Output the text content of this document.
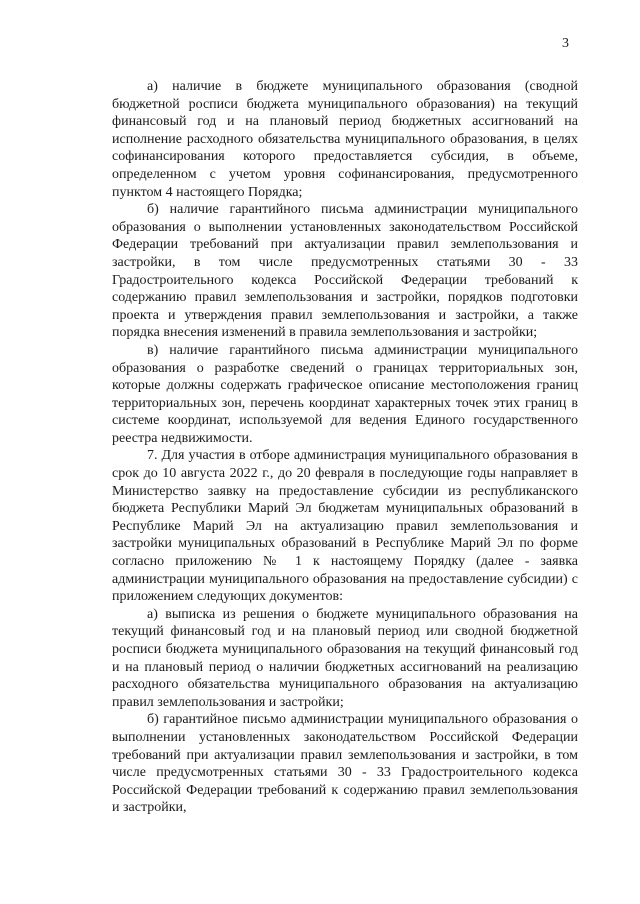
3

а) наличие в бюджете муниципального образования (сводной бюджетной росписи бюджета муниципального образования) на текущий финансовый год и на плановый период бюджетных ассигнований на исполнение расходного обязательства муниципального образования, в целях софинансирования которого предоставляется субсидия, в объеме, определенном с учетом уровня софинансирования, предусмотренного пунктом 4 настоящего Порядка;

б) наличие гарантийного письма администрации муниципального образования о выполнении установленных законодательством Российской Федерации требований при актуализации правил землепользования и застройки, в том числе предусмотренных статьями 30 - 33 Градостроительного кодекса Российской Федерации требований к содержанию правил землепользования и застройки, порядков подготовки проекта и утверждения правил землепользования и застройки, а также порядка внесения изменений в правила землепользования и застройки;

в) наличие гарантийного письма администрации муниципального образования о разработке сведений о границах территориальных зон, которые должны содержать графическое описание местоположения границ территориальных зон, перечень координат характерных точек этих границ в системе координат, используемой для ведения Единого государственного реестра недвижимости.

7. Для участия в отборе администрация муниципального образования в срок до 10 августа 2022 г., до 20 февраля в последующие годы направляет в Министерство заявку на предоставление субсидии из республиканского бюджета Республики Марий Эл бюджетам муниципальных образований в Республике Марий Эл на актуализацию правил землепользования и застройки муниципальных образований в Республике Марий Эл по форме согласно приложению № 1 к настоящему Порядку (далее - заявка администрации муниципального образования на предоставление субсидии) с приложением следующих документов:

а) выписка из решения о бюджете муниципального образования на текущий финансовый год и на плановый период или сводной бюджетной росписи бюджета муниципального образования на текущий финансовый год и на плановый период о наличии бюджетных ассигнований на реализацию расходного обязательства муниципального образования на актуализацию правил землепользования и застройки;

б) гарантийное письмо администрации муниципального образования о выполнении установленных законодательством Российской Федерации требований при актуализации правил землепользования и застройки, в том числе предусмотренных статьями 30 - 33 Градостроительного кодекса Российской Федерации требований к содержанию правил землепользования и застройки,
